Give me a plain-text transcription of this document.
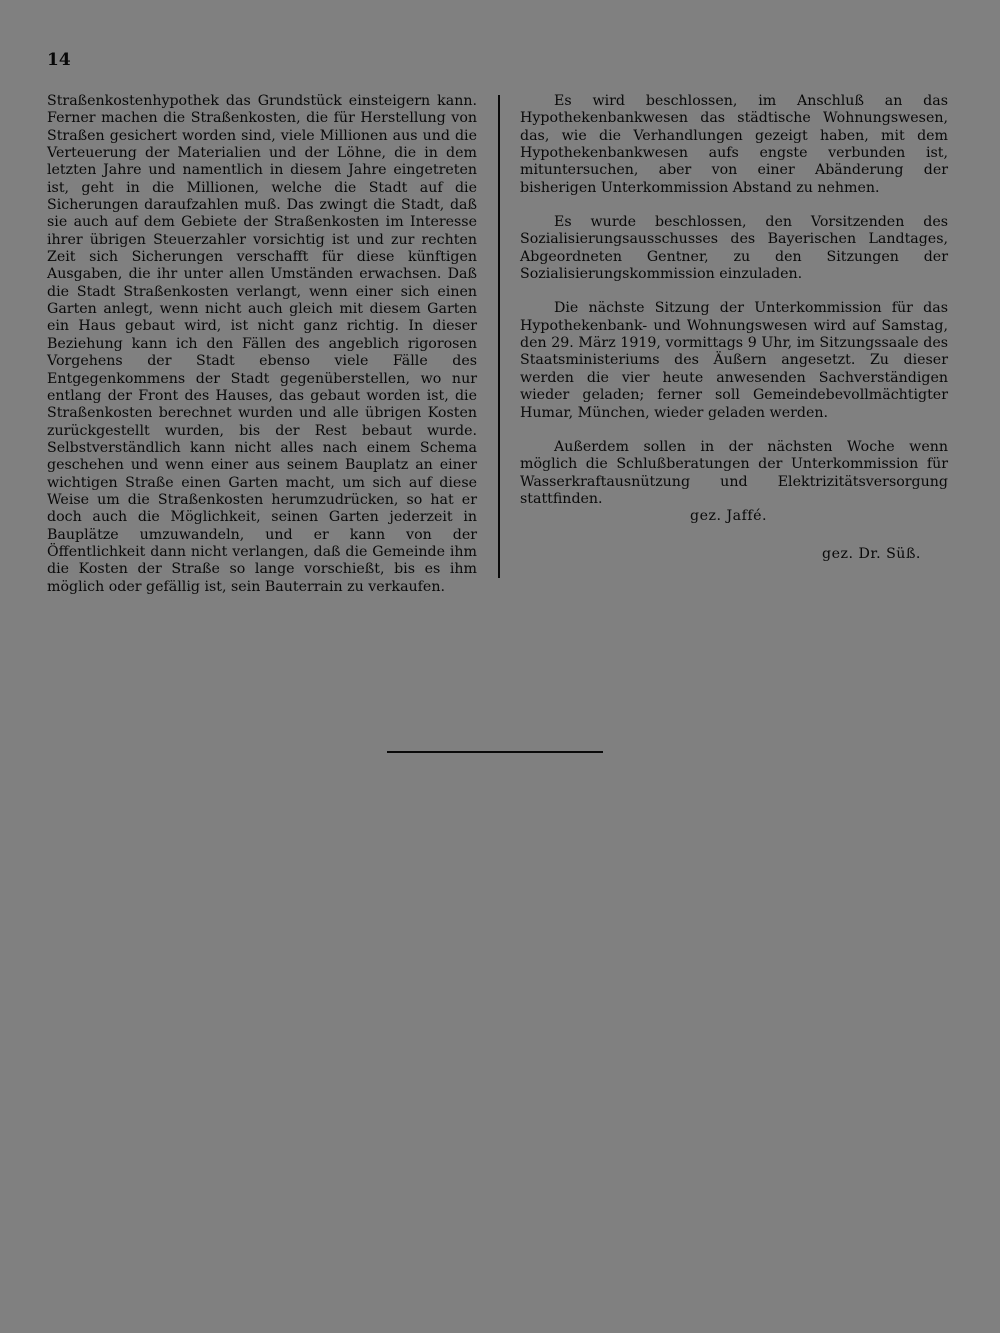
14

Straßenkostenhypothek das Grundstück einsteigern kann. Ferner machen die Straßenkosten, die für Herstellung von Straßen gesichert worden sind, viele Millionen aus und die Verteuerung der Materialien und der Löhne, die in dem letzten Jahre und namentlich in diesem Jahre eingetreten ist, geht in die Millionen, welche die Stadt auf die Sicherungen daraufzahlen muß. Das zwingt die Stadt, daß sie auch auf dem Gebiete der Straßenkosten im Interesse ihrer übrigen Steuerzahler vorsichtig ist und zur rechten Zeit sich Sicherungen verschafft für diese künftigen Ausgaben, die ihr unter allen Umständen erwachsen. Daß die Stadt Straßenkosten verlangt, wenn einer sich einen Garten anlegt, wenn nicht auch gleich mit diesem Garten ein Haus gebaut wird, ist nicht ganz richtig. In dieser Beziehung kann ich den Fällen des angeblich rigorosen Vorgehens der Stadt ebenso viele Fälle des Entgegenkommens der Stadt gegenüberstellen, wo nur entlang der Front des Hauses, das gebaut worden ist, die Straßenkosten berechnet wurden und alle übrigen Kosten zurückgestellt wurden, bis der Rest bebaut wurde. Selbstverständlich kann nicht alles nach einem Schema geschehen und wenn einer aus seinem Bauplatz an einer wichtigen Straße einen Garten macht, um sich auf diese Weise um die Straßenkosten herumzudrücken, so hat er doch auch die Möglichkeit, seinen Garten jederzeit in Bauplätze umzuwandeln, und er kann von der Öffentlichkeit dann nicht verlangen, daß die Gemeinde ihm die Kosten der Straße so lange vorschießt, bis es ihm möglich oder gefällig ist, sein Bauterrain zu verkaufen.

Es wird beschlossen, im Anschluß an das Hypothekenbankwesen das städtische Wohnungswesen, das, wie die Verhandlungen gezeigt haben, mit dem Hypothekenbankwesen aufs engste verbunden ist, mituntersuchen, aber von einer Abänderung der bisherigen Unterkommission Abstand zu nehmen.

Es wurde beschlossen, den Vorsitzenden des Sozialisierungsausschusses des Bayerischen Landtages, Abgeordneten Gentner, zu den Sitzungen der Sozialisierungskommission einzuladen.

Die nächste Sitzung der Unterkommission für das Hypothekenbank- und Wohnungswesen wird auf Samstag, den 29. März 1919, vormittags 9 Uhr, im Sitzungssaale des Staatsministeriums des Äußern angesetzt. Zu dieser werden die vier heute anwesenden Sachverständigen wieder geladen; ferner soll Gemeindebevollmächtigter Humar, München, wieder geladen werden.

Außerdem sollen in der nächsten Woche wenn möglich die Schlußberatungen der Unterkommission für Wasserkraftausnützung und Elektrizitätsversorgung stattfinden.

gez. Jaffé.
gez. Dr. Süß.
